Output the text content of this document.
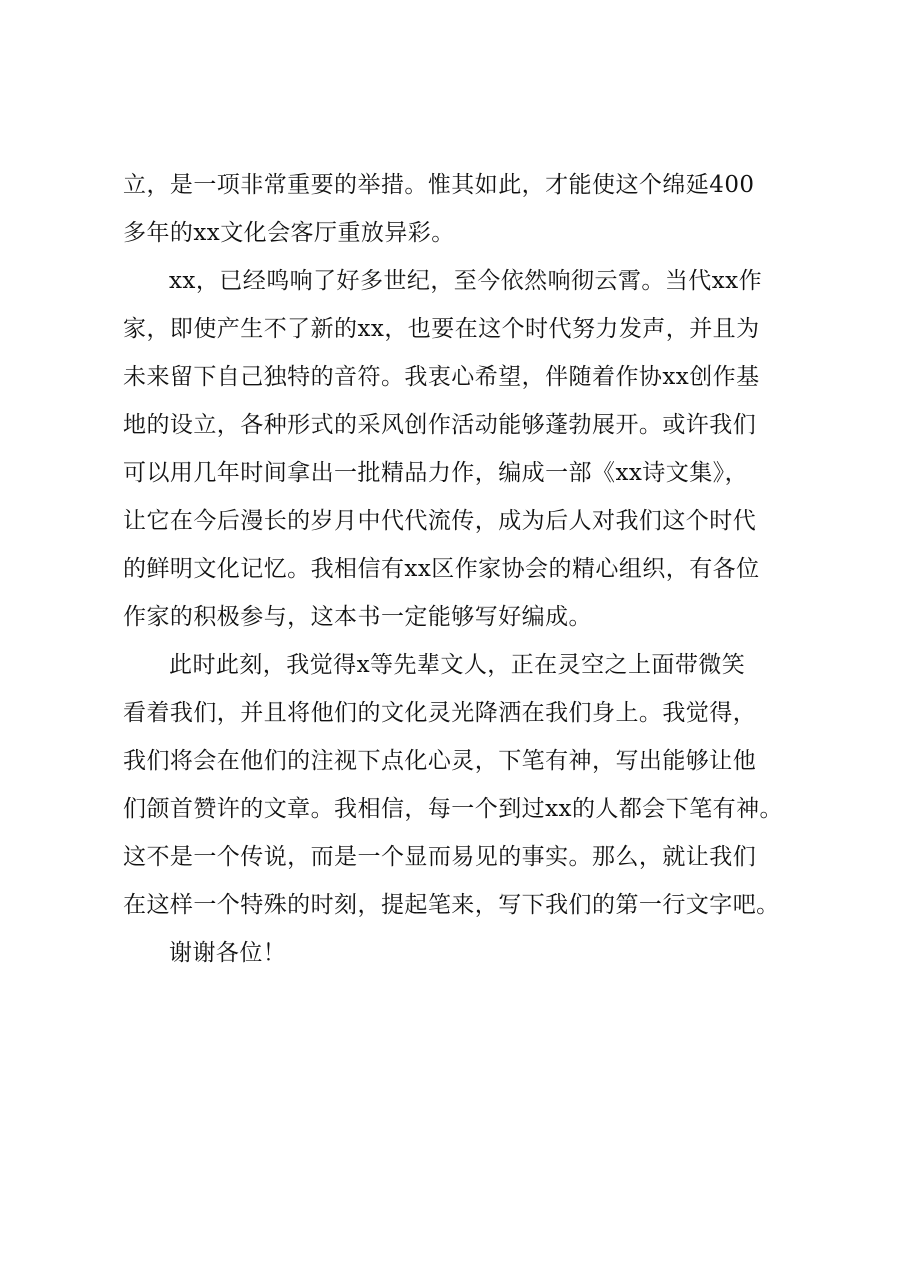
立，是一项非常重要的举措。惟其如此，才能使这个绵延400
多年的xx文化会客厅重放异彩。
xx，已经鸣响了好多世纪，至今依然响彻云霄。当代xx作
家，即使产生不了新的xx，也要在这个时代努力发声，并且为
未来留下自己独特的音符。我衷心希望，伴随着作协xx创作基
地的设立，各种形式的采风创作活动能够蓬勃展开。或许我们
可以用几年时间拿出一批精品力作，编成一部《xx诗文集》，
让它在今后漫长的岁月中代代流传，成为后人对我们这个时代
的鲜明文化记忆。我相信有xx区作家协会的精心组织，有各位
作家的积极参与，这本书一定能够写好编成。
此时此刻，我觉得x等先辈文人，正在灵空之上面带微笑
看着我们，并且将他们的文化灵光降洒在我们身上。我觉得，
我们将会在他们的注视下点化心灵，下笔有神，写出能够让他
们颌首赞许的文章。我相信，每一个到过xx的人都会下笔有神。
这不是一个传说，而是一个显而易见的事实。那么，就让我们
在这样一个特殊的时刻，提起笔来，写下我们的第一行文字吧。
谢谢各位！
